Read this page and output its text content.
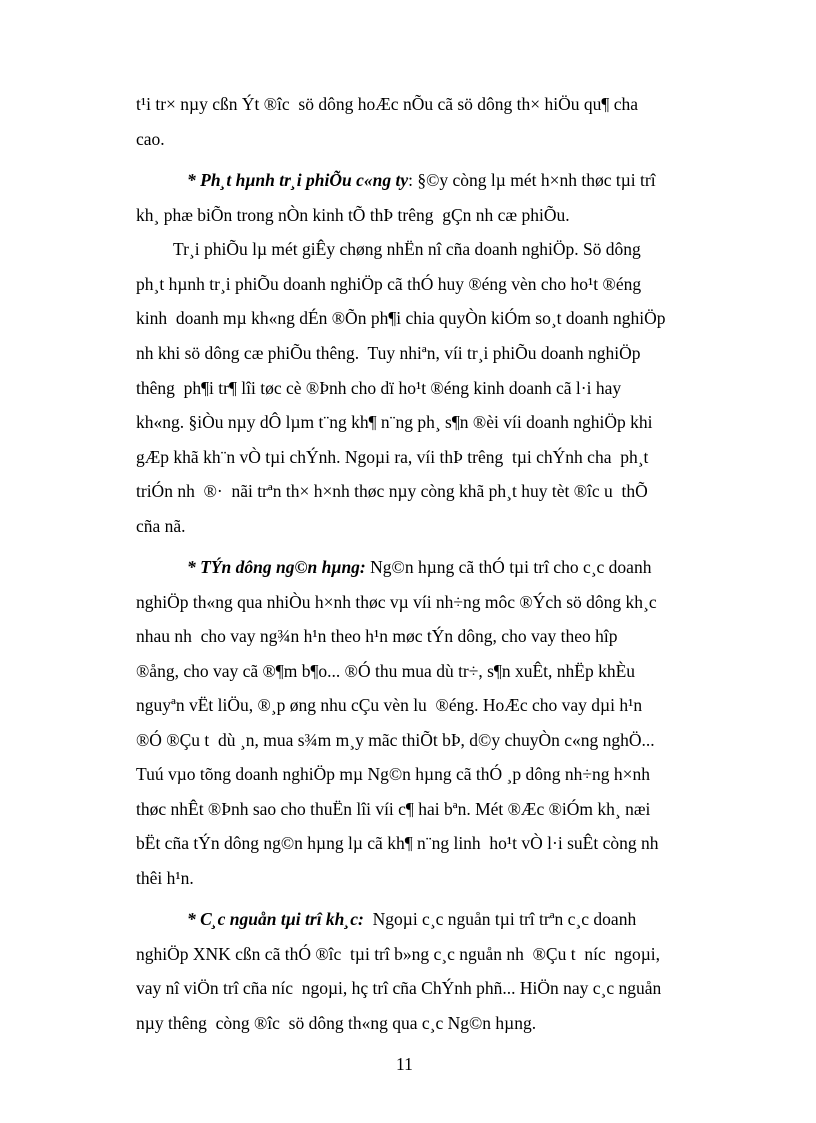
t¹i tr× nµy cßn Ýt ®îc  sö dông hoÆc nÕu cã sö dông th× hiÖu qu¶ cha
cao.
* Ph¸t hµnh tr¸i phiÕu c«ng ty: §©y còng lµ mét h×nh thøc tµi trî
kh¸ phæ biÕn trong nÒn kinh tÕ thÞ trêng  gÇn nh cæ phiÕu.
Tr¸i phiÕu lµ mét giÊy chøng nhËn nî cña doanh nghiÖp. Sö dông
ph¸t hµnh tr¸i phiÕu doanh nghiÖp cã thÓ huy ®éng vèn cho ho¹t ®éng
kinh  doanh mµ kh«ng dÉn ®Õn ph¶i chia quyÒn kiÓm so¸t doanh nghiÖp
nh khi sö dông cæ phiÕu thêng.  Tuy nhiªn, víi tr¸i phiÕu doanh nghiÖp
thêng  ph¶i tr¶ lîi tøc cè ®Þnh cho dï ho¹t ®éng kinh doanh cã l·i hay
kh«ng. §iÒu nµy dÔ lµm t¨ng kh¶ n¨ng ph¸ s¶n ®èi víi doanh nghiÖp khi
gÆp khã kh¨n vÒ tµi chÝnh. Ngoµi ra, víi thÞ trêng  tµi chÝnh cha  ph¸t
triÓn nh  ®·  nãi trªn th× h×nh thøc nµy còng khã ph¸t huy tèt ®îc u  thÕ
cña nã.
* TÝn dông ng©n hµng: Ng©n hµng cã thÓ tµi trî cho c¸c doanh
nghiÖp th«ng qua nhiÒu h×nh thøc vµ víi nh÷ng môc ®Ých sö dông kh¸c
nhau nh  cho vay ng¾n h¹n theo h¹n møc tÝn dông, cho vay theo hîp
®ång, cho vay cã ®¶m b¶o... ®Ó thu mua dù tr÷, s¶n xuÊt, nhËp khÈu
nguyªn vËt liÖu, ®¸p øng nhu cÇu vèn lu  ®éng. HoÆc cho vay dµi h¹n
®Ó ®Çu t  dù ¸n, mua s¾m m¸y mãc thiÕt bÞ, d©y chuyÒn c«ng nghÖ...
Tuú vµo tõng doanh nghiÖp mµ Ng©n hµng cã thÓ ¸p dông nh÷ng h×nh
thøc nhÊt ®Þnh sao cho thuËn lîi víi c¶ hai bªn. Mét ®Æc ®iÓm kh¸ næi
bËt cña tÝn dông ng©n hµng lµ cã kh¶ n¨ng linh  ho¹t vÒ l·i suÊt còng nh
thêi h¹n.
* C¸c nguån tµi trî kh¸c:  Ngoµi c¸c nguån tµi trî trªn c¸c doanh
nghiÖp XNK cßn cã thÓ ®îc  tµi trî b»ng c¸c nguån nh  ®Çu t  níc  ngoµi,
vay nî viÖn trî cña níc  ngoµi, hç trî cña ChÝnh phñ... HiÖn nay c¸c nguån
nµy thêng  còng ®îc  sö dông th«ng qua c¸c Ng©n hµng.
11
